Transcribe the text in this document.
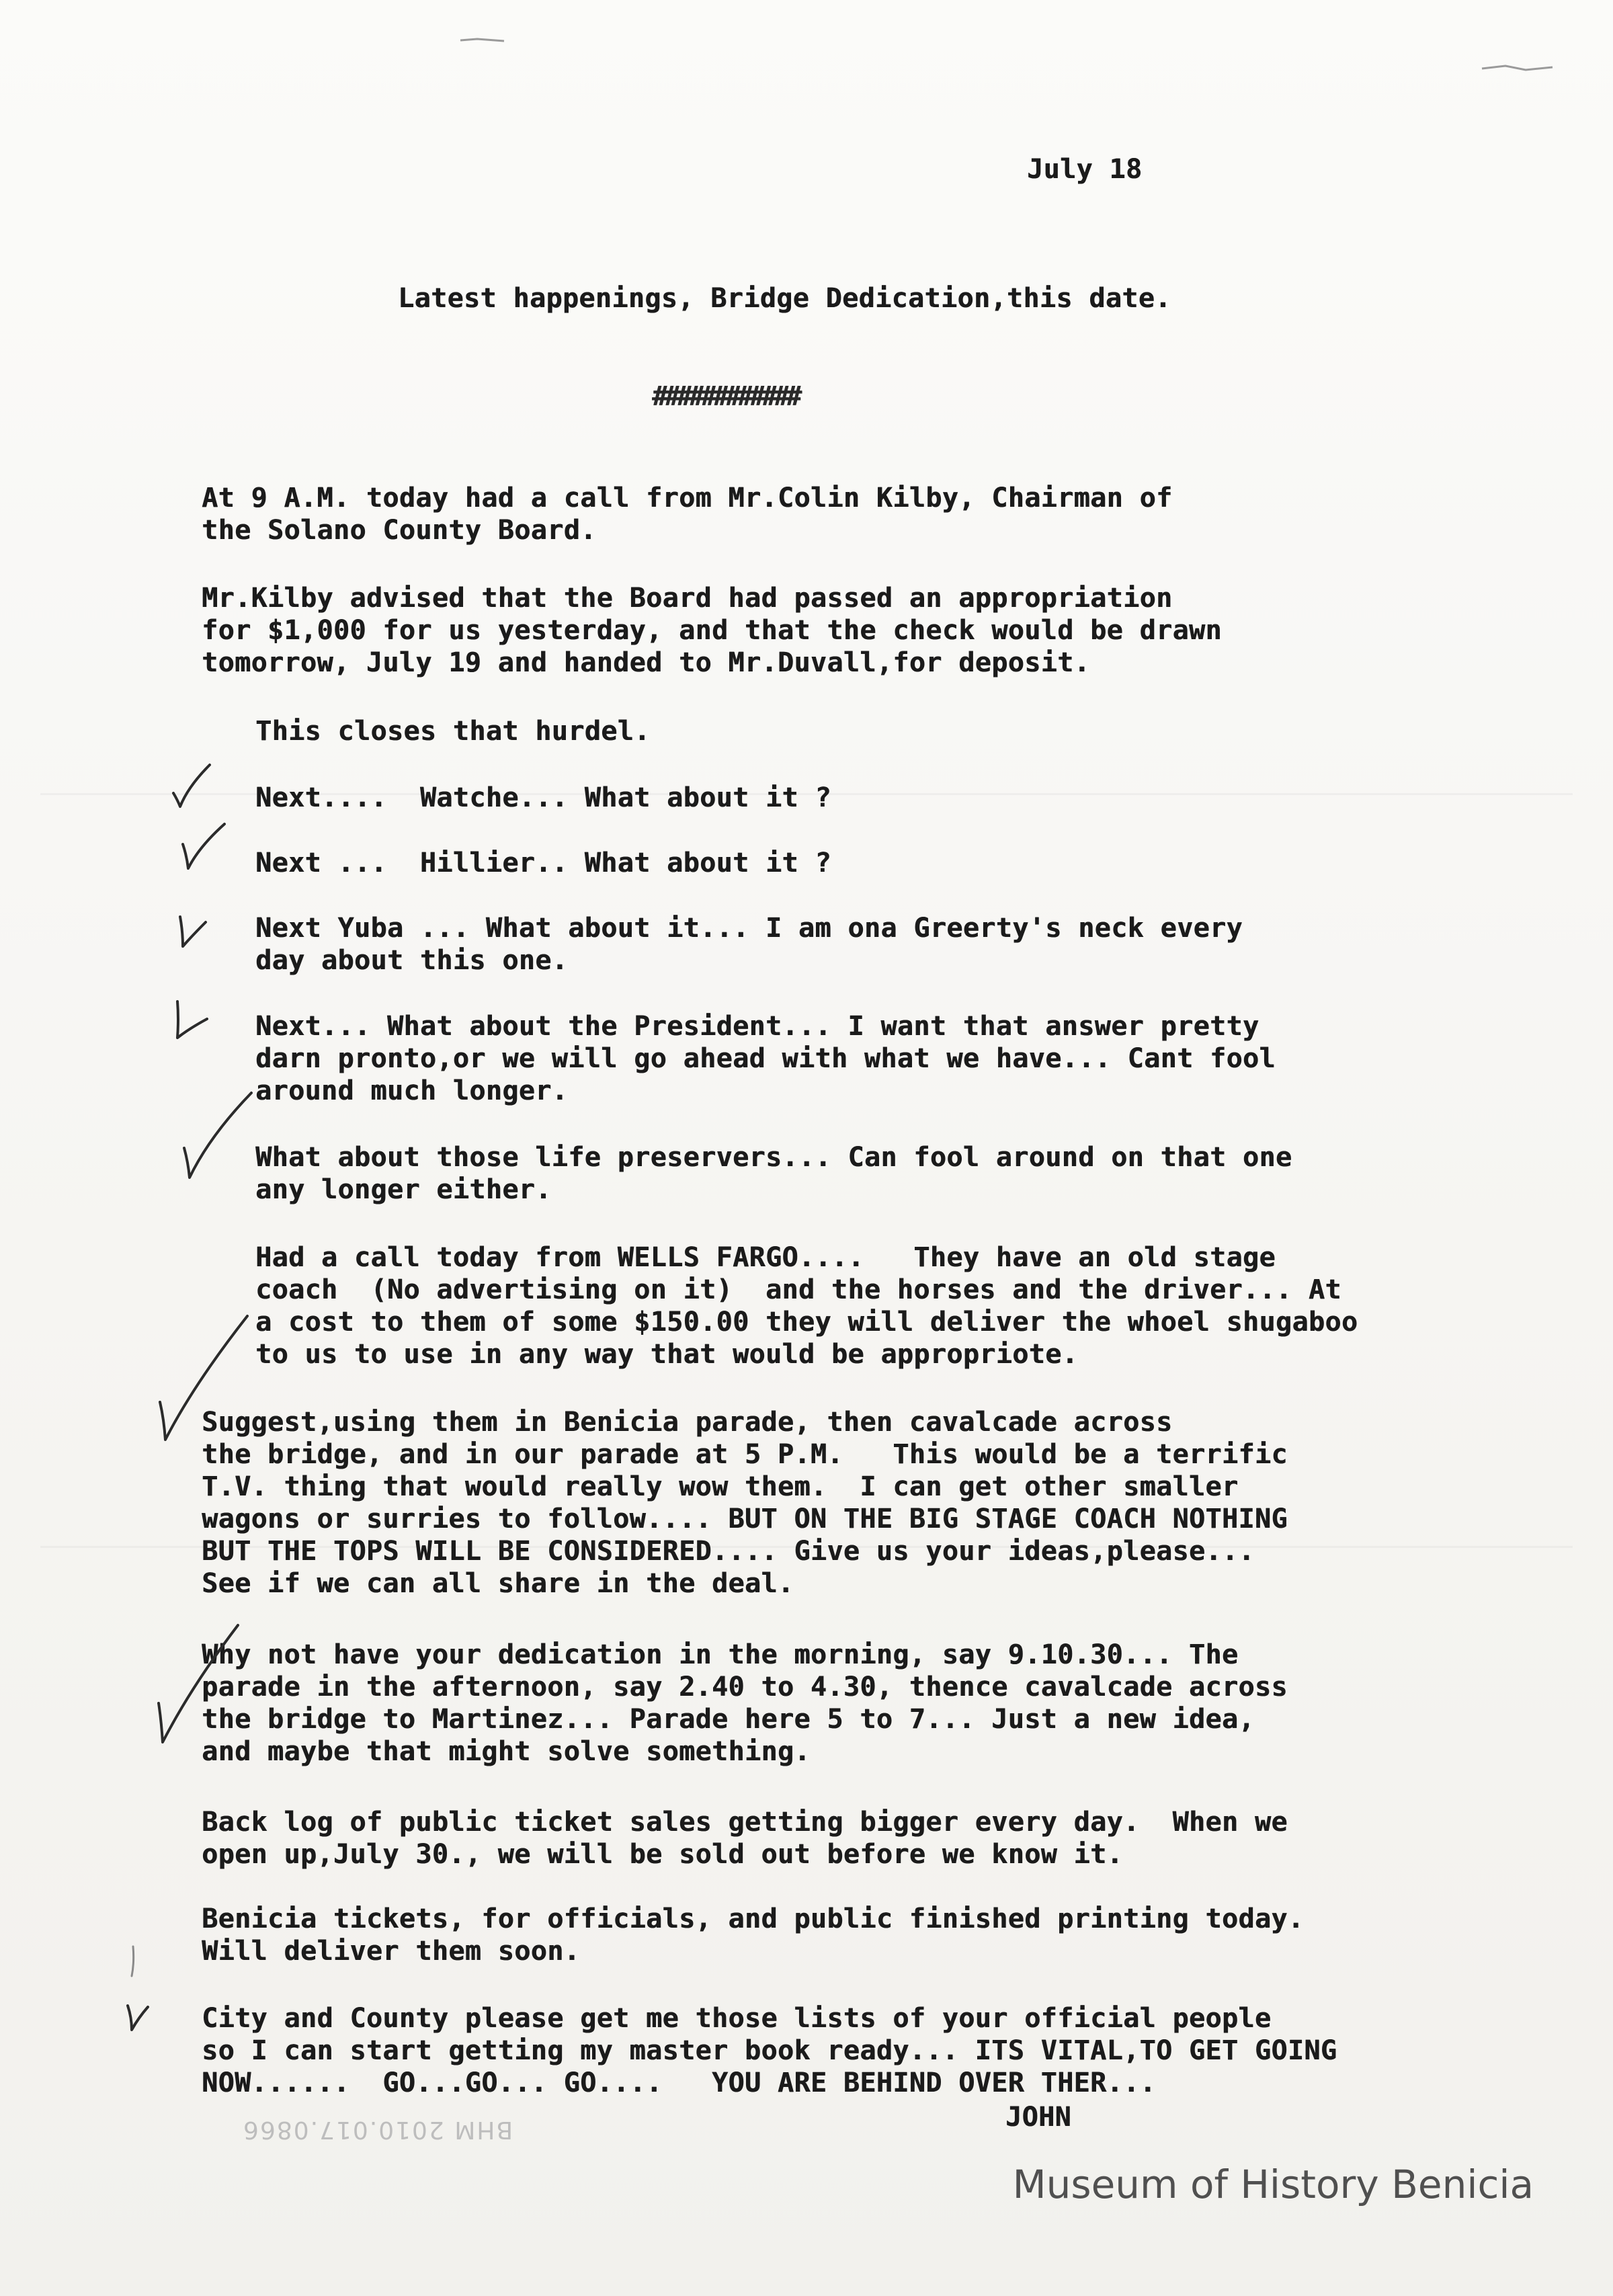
July 18

Latest happenings, Bridge Dedication,this date.

############

At 9 A.M. today had a call from Mr.Colin Kilby, Chairman of
the Solano County Board.

Mr.Kilby advised that the Board had passed an appropriation
for $1,000 for us yesterday, and that the check would be drawn
tomorrow, July 19 and handed to Mr.Duvall,for deposit.

This closes that hurdel.

Next....  Watche... What about it ?

Next ...  Hillier.. What about it ?

Next Yuba ... What about it... I am ona Greerty's neck every
day about this one.

Next... What about the President... I want that answer pretty
darn pronto,or we will go ahead with what we have... Cant fool
around much longer.

What about those life preservers... Can fool around on that one
any longer either.

Had a call today from WELLS FARGO....   They have an old stage
coach  (No advertising on it)  and the horses and the driver... At
a cost to them of some $150.00 they will deliver the whoel shugaboo
to us to use in any way that would be appropriote.

Suggest,using them in Benicia parade, then cavalcade across
the bridge, and in our parade at 5 P.M.   This would be a terrific
T.V. thing that would really wow them.  I can get other smaller
wagons or surries to follow.... BUT ON THE BIG STAGE COACH NOTHING
BUT THE TOPS WILL BE CONSIDERED.... Give us your ideas,please...
See if we can all share in the deal.

Why not have your dedication in the morning, say 9.10.30... The
parade in the afternoon, say 2.40 to 4.30, thence cavalcade across
the bridge to Martinez... Parade here 5 to 7... Just a new idea,
and maybe that might solve something.

Back log of public ticket sales getting bigger every day.  When we
open up,July 30., we will be sold out before we know it.

Benicia tickets, for officials, and public finished printing today.
Will deliver them soon.

City and County please get me those lists of your official people
so I can start getting my master book ready... ITS VITAL,TO GET GOING
NOW......  GO...GO... GO....   YOU ARE BEHIND OVER THER...

JOHN

BHM 2010.017.0866

Museum of History Benicia
